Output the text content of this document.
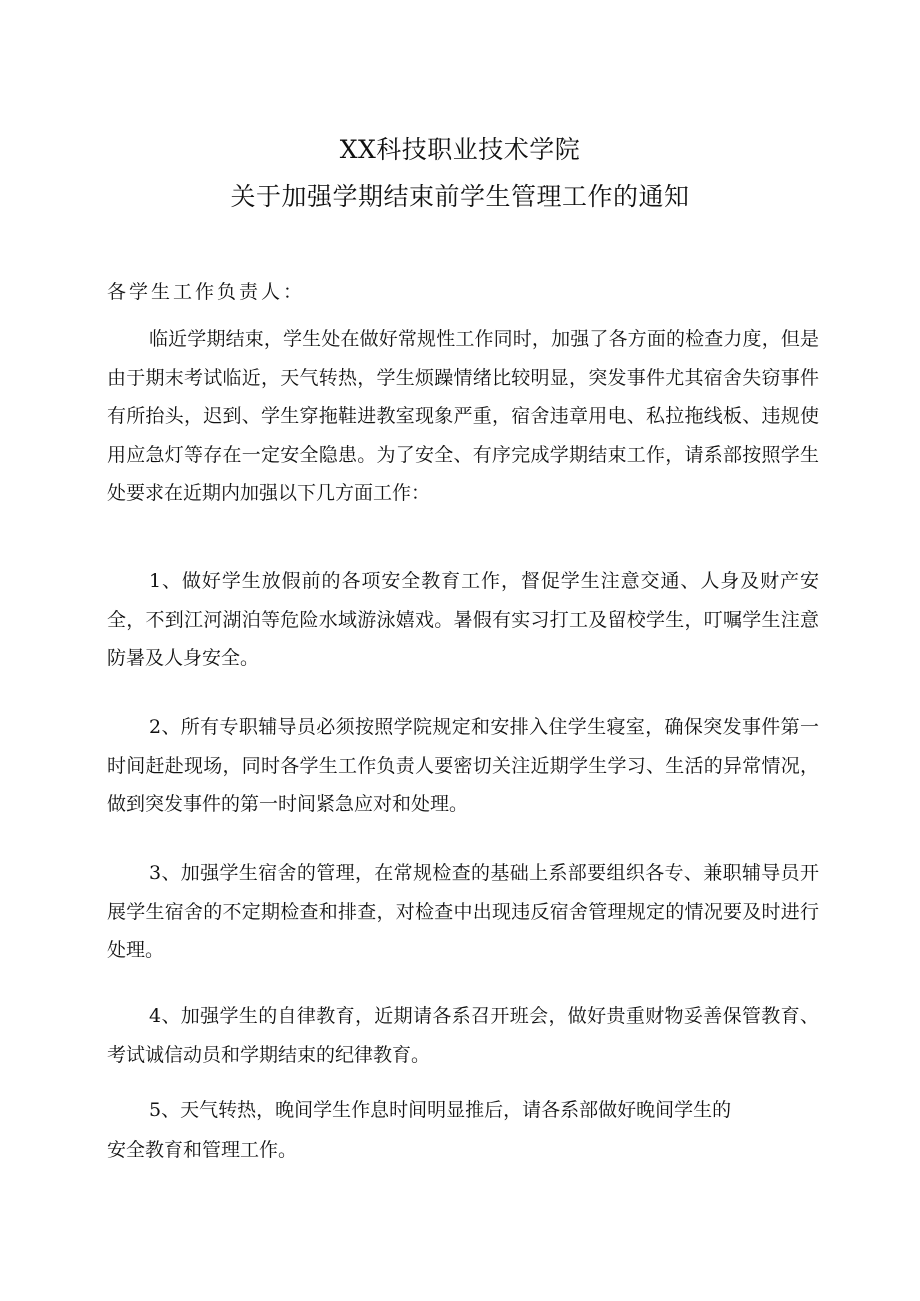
XX科技职业技术学院
关于加强学期结束前学生管理工作的通知
各学生工作负责人：

临近学期结束，学生处在做好常规性工作同时，加强了各方面的检查力度，但是由于期末考试临近，天气转热，学生烦躁情绪比较明显，突发事件尤其宿舍失窃事件有所抬头，迟到、学生穿拖鞋进教室现象严重，宿舍违章用电、私拉拖线板、违规使用应急灯等存在一定安全隐患。为了安全、有序完成学期结束工作，请系部按照学生处要求在近期内加强以下几方面工作：

1、做好学生放假前的各项安全教育工作，督促学生注意交通、人身及财产安全，不到江河湖泊等危险水域游泳嬉戏。暑假有实习打工及留校学生，叮嘱学生注意防暑及人身安全。

2、所有专职辅导员必须按照学院规定和安排入住学生寝室，确保突发事件第一时间赶赴现场，同时各学生工作负责人要密切关注近期学生学习、生活的异常情况，做到突发事件的第一时间紧急应对和处理。

3、加强学生宿舍的管理，在常规检查的基础上系部要组织各专、兼职辅导员开展学生宿舍的不定期检查和排查，对检查中出现违反宿舍管理规定的情况要及时进行处理。

4、加强学生的自律教育，近期请各系召开班会，做好贵重财物妥善保管教育、考试诚信动员和学期结束的纪律教育。

5、天气转热，晚间学生作息时间明显推后，请各系部做好晚间学生的
安全教育和管理工作。
